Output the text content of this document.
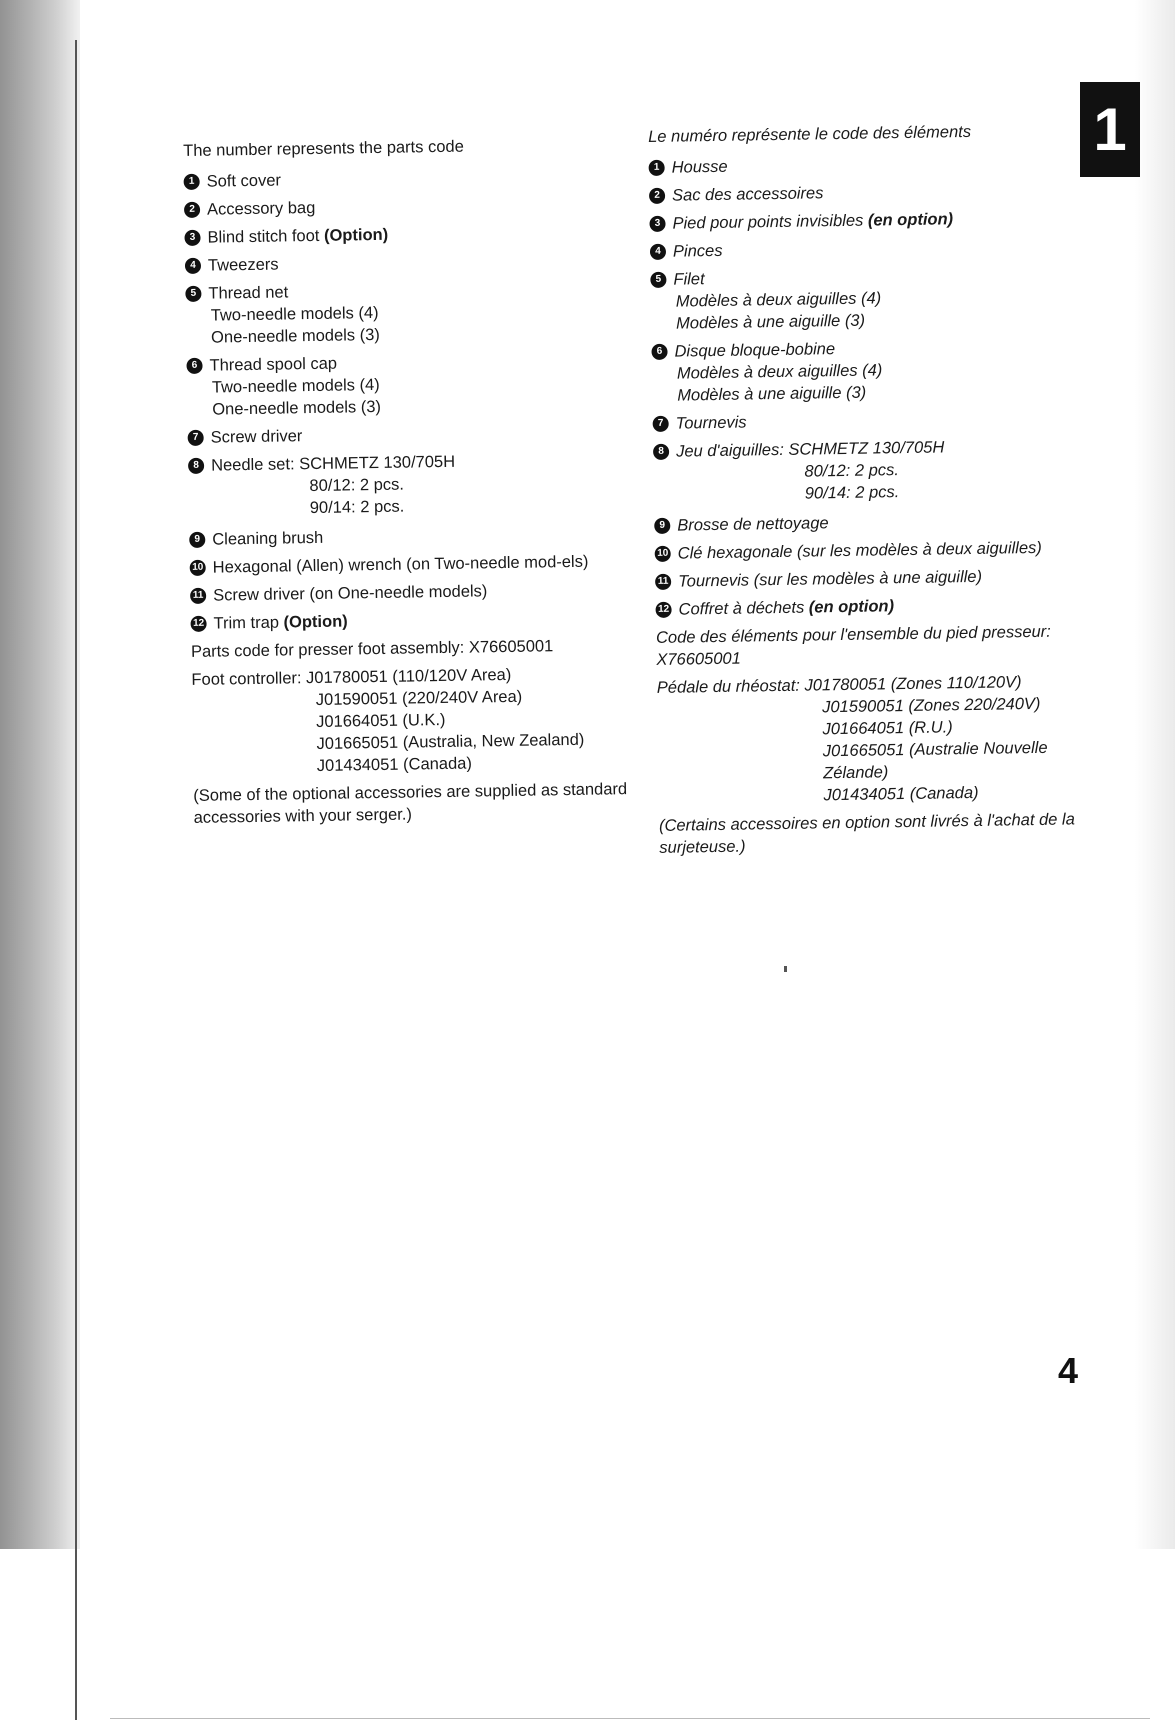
1
4
The number represents the parts code
1 Soft cover
2 Accessory bag
3 Blind stitch foot (Option)
4 Tweezers
5 Thread net
Two-needle models (4)
One-needle models (3)
6 Thread spool cap
Two-needle models (4)
One-needle models (3)
7 Screw driver
8 Needle set: SCHMETZ 130/705H
80/12: 2 pcs.
90/14: 2 pcs.
9 Cleaning brush
10 Hexagonal (Allen) wrench (on Two-needle mod-els)
11 Screw driver (on One-needle models)
12 Trim trap (Option)
Parts code for presser foot assembly: X76605001
Foot controller: J01780051 (110/120V Area)
J01590051 (220/240V Area)
J01664051 (U.K.)
J01665051 (Australia, New Zealand)
J01434051 (Canada)
(Some of the optional accessories are supplied as standard accessories with your serger.)
Le numéro représente le code des éléments
1 Housse
2 Sac des accessoires
3 Pied pour points invisibles (en option)
4 Pinces
5 Filet
Modèles à deux aiguilles (4)
Modèles à une aiguille (3)
6 Disque bloque-bobine
Modèles à deux aiguilles (4)
Modèles à une aiguille (3)
7 Tournevis
8 Jeu d'aiguilles: SCHMETZ 130/705H
80/12: 2 pcs.
90/14: 2 pcs.
9 Brosse de nettoyage
10 Clé hexagonale (sur les modèles à deux aiguilles)
11 Tournevis (sur les modèles à une aiguille)
12 Coffret à déchets (en option)
Code des éléments pour l'ensemble du pied presseur: X76605001
Pédale du rhéostat: J01780051 (Zones 110/120V)
J01590051 (Zones 220/240V)
J01664051 (R.U.)
J01665051 (Australie Nouvelle Zélande)
J01434051 (Canada)
(Certains accessoires en option sont livrés à l'achat de la surjeteuse.)
